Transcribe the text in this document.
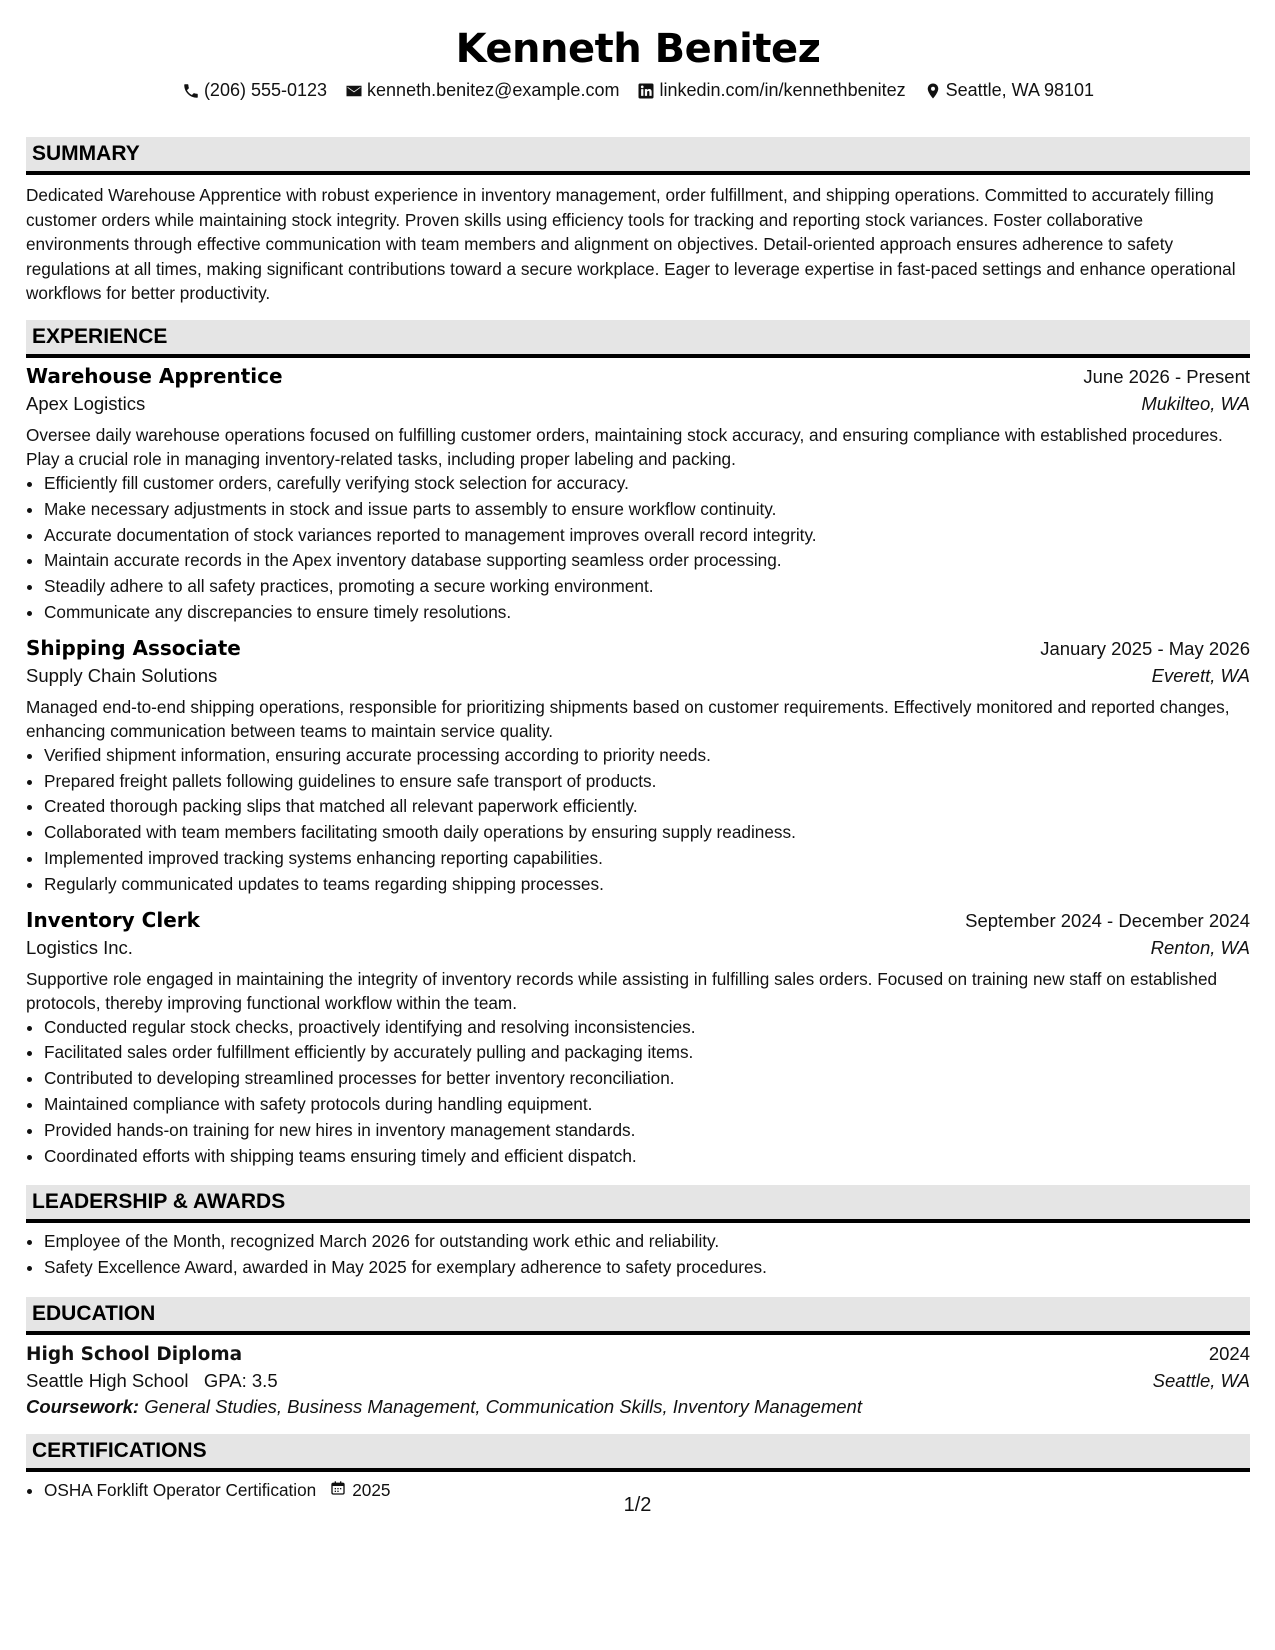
Kenneth Benitez
(206) 555-0123 kenneth.benitez@example.com linkedin.com/in/kennethbenitez Seattle, WA 98101
SUMMARY

Dedicated Warehouse Apprentice with robust experience in inventory management, order fulfillment, and shipping operations. Committed to accurately filling customer orders while maintaining stock integrity. Proven skills using efficiency tools for tracking and reporting stock variances. Foster collaborative environments through effective communication with team members and alignment on objectives. Detail-oriented approach ensures adherence to safety regulations at all times, making significant contributions toward a secure workplace. Eager to leverage expertise in fast-paced settings and enhance operational workflows for better productivity.

EXPERIENCE
Warehouse Apprentice	June 2026 - Present
Apex Logistics	Mukilteo, WA

Oversee daily warehouse operations focused on fulfilling customer orders, maintaining stock accuracy, and ensuring compliance with established procedures. Play a crucial role in managing inventory-related tasks, including proper labeling and packing.

• Efficiently fill customer orders, carefully verifying stock selection for accuracy.
• Make necessary adjustments in stock and issue parts to assembly to ensure workflow continuity.
• Accurate documentation of stock variances reported to management improves overall record integrity.
• Maintain accurate records in the Apex inventory database supporting seamless order processing.
• Steadily adhere to all safety practices, promoting a secure working environment.
• Communicate any discrepancies to ensure timely resolutions.
Shipping Associate	January 2025 - May 2026
Supply Chain Solutions	Everett, WA

Managed end-to-end shipping operations, responsible for prioritizing shipments based on customer requirements. Effectively monitored and reported changes, enhancing communication between teams to maintain service quality.

• Verified shipment information, ensuring accurate processing according to priority needs.
• Prepared freight pallets following guidelines to ensure safe transport of products.
• Created thorough packing slips that matched all relevant paperwork efficiently.
• Collaborated with team members facilitating smooth daily operations by ensuring supply readiness.
• Implemented improved tracking systems enhancing reporting capabilities.
• Regularly communicated updates to teams regarding shipping processes.
Inventory Clerk	September 2024 - December 2024
Logistics Inc.	Renton, WA

Supportive role engaged in maintaining the integrity of inventory records while assisting in fulfilling sales orders. Focused on training new staff on established protocols, thereby improving functional workflow within the team.

• Conducted regular stock checks, proactively identifying and resolving inconsistencies.
• Facilitated sales order fulfillment efficiently by accurately pulling and packaging items.
• Contributed to developing streamlined processes for better inventory reconciliation.
• Maintained compliance with safety protocols during handling equipment.
• Provided hands-on training for new hires in inventory management standards.
• Coordinated efforts with shipping teams ensuring timely and efficient dispatch.
LEADERSHIP & AWARDS
• Employee of the Month, recognized March 2026 for outstanding work ethic and reliability.
• Safety Excellence Award, awarded in May 2025 for exemplary adherence to safety procedures.
EDUCATION
High School Diploma	2024
Seattle High School GPA: 3.5	Seattle, WA
Coursework: General Studies, Business Management, Communication Skills, Inventory Management
CERTIFICATIONS
• OSHA Forklift Operator Certification 2025
1/2
